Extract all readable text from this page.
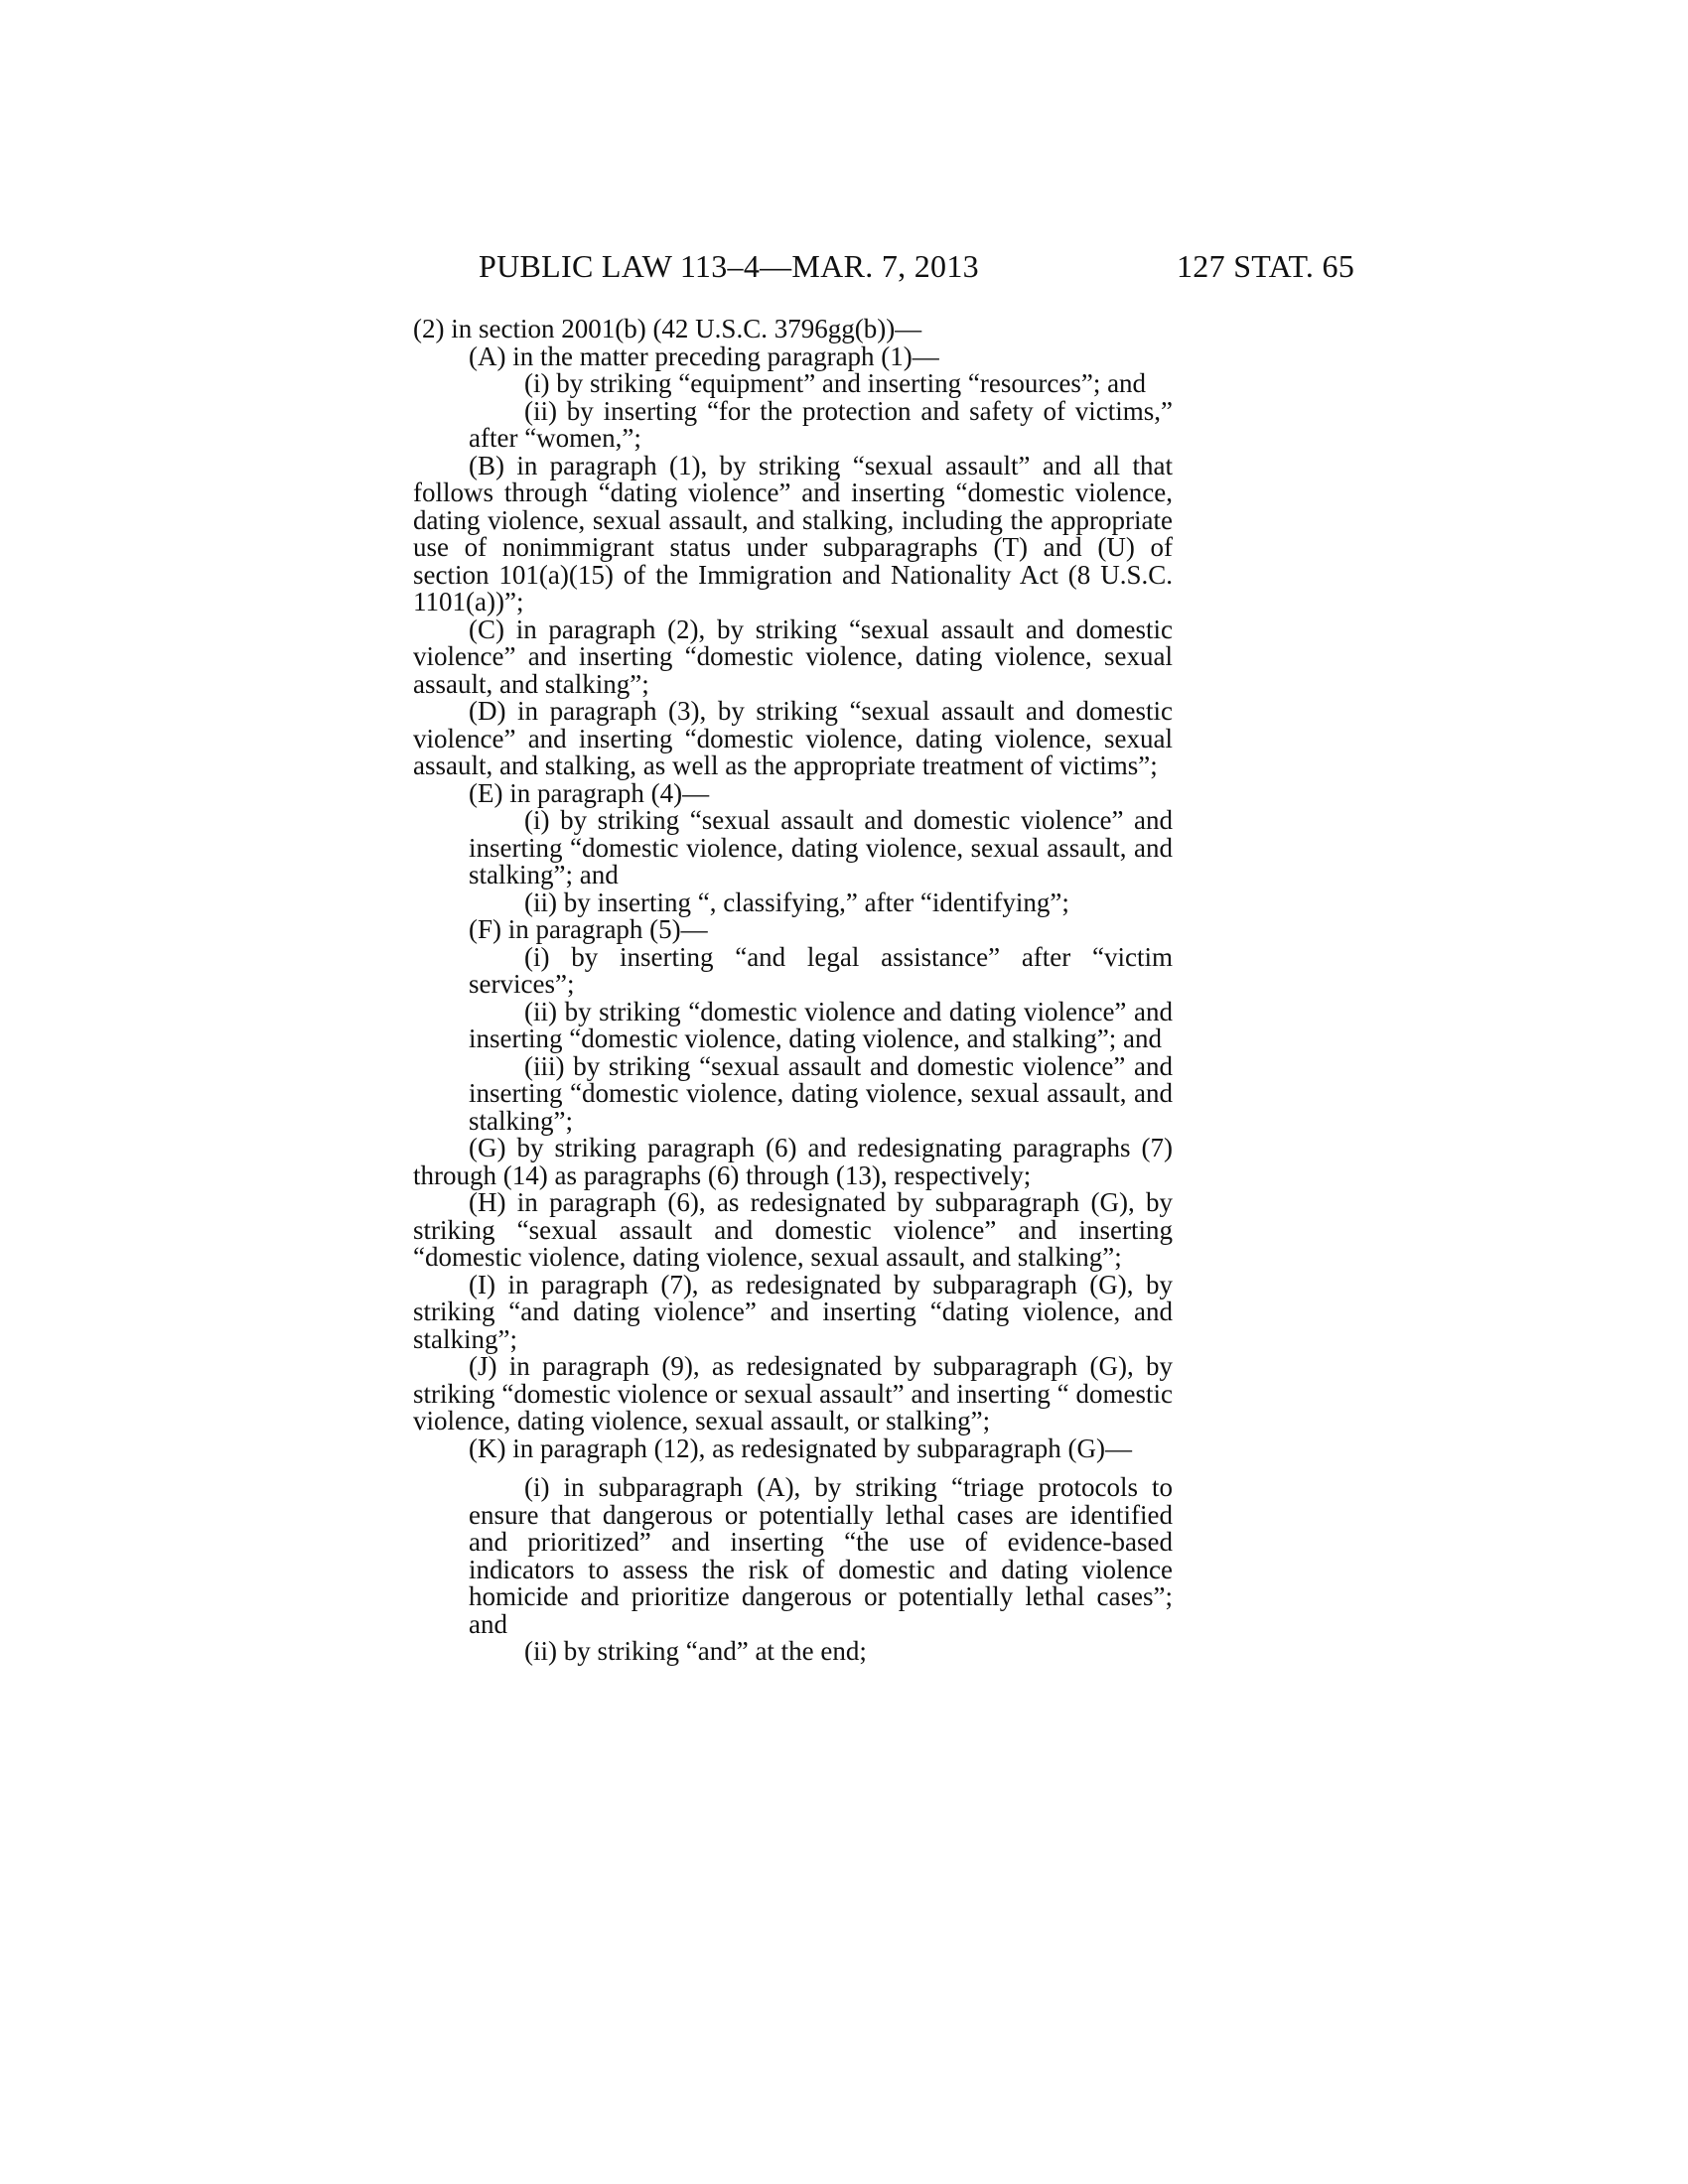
PUBLIC LAW 113–4—MAR. 7, 2013	127 STAT. 65

(2) in section 2001(b) (42 U.S.C. 3796gg(b))—

(A) in the matter preceding paragraph (1)—

(i) by striking “equipment” and inserting “resources”; and

(ii) by inserting “for the protection and safety of victims,” after “women,”;

(B) in paragraph (1), by striking “sexual assault” and all that follows through “dating violence” and inserting “domestic violence, dating violence, sexual assault, and stalking, including the appropriate use of nonimmigrant status under subparagraphs (T) and (U) of section 101(a)(15) of the Immigration and Nationality Act (8 U.S.C. 1101(a))”;

(C) in paragraph (2), by striking “sexual assault and domestic violence” and inserting “domestic violence, dating violence, sexual assault, and stalking”;

(D) in paragraph (3), by striking “sexual assault and domestic violence” and inserting “domestic violence, dating violence, sexual assault, and stalking, as well as the appropriate treatment of victims”;

(E) in paragraph (4)—

(i) by striking “sexual assault and domestic violence” and inserting “domestic violence, dating violence, sexual assault, and stalking”; and

(ii) by inserting “, classifying,” after “identifying”;

(F) in paragraph (5)—

(i) by inserting “and legal assistance” after “victim services”;

(ii) by striking “domestic violence and dating violence” and inserting “domestic violence, dating violence, and stalking”; and

(iii) by striking “sexual assault and domestic violence” and inserting “domestic violence, dating violence, sexual assault, and stalking”;

(G) by striking paragraph (6) and redesignating paragraphs (7) through (14) as paragraphs (6) through (13), respectively;

(H) in paragraph (6), as redesignated by subparagraph (G), by striking “sexual assault and domestic violence” and inserting “domestic violence, dating violence, sexual assault, and stalking”;

(I) in paragraph (7), as redesignated by subparagraph (G), by striking “and dating violence” and inserting “dating violence, and stalking”;

(J) in paragraph (9), as redesignated by subparagraph (G), by striking “domestic violence or sexual assault” and inserting “ domestic violence, dating violence, sexual assault, or stalking”;

(K) in paragraph (12), as redesignated by subparagraph (G)—

(i) in subparagraph (A), by striking “triage protocols to ensure that dangerous or potentially lethal cases are identified and prioritized” and inserting “the use of evidence-based indicators to assess the risk of domestic and dating violence homicide and prioritize dangerous or potentially lethal cases”; and

(ii) by striking “and” at the end;
